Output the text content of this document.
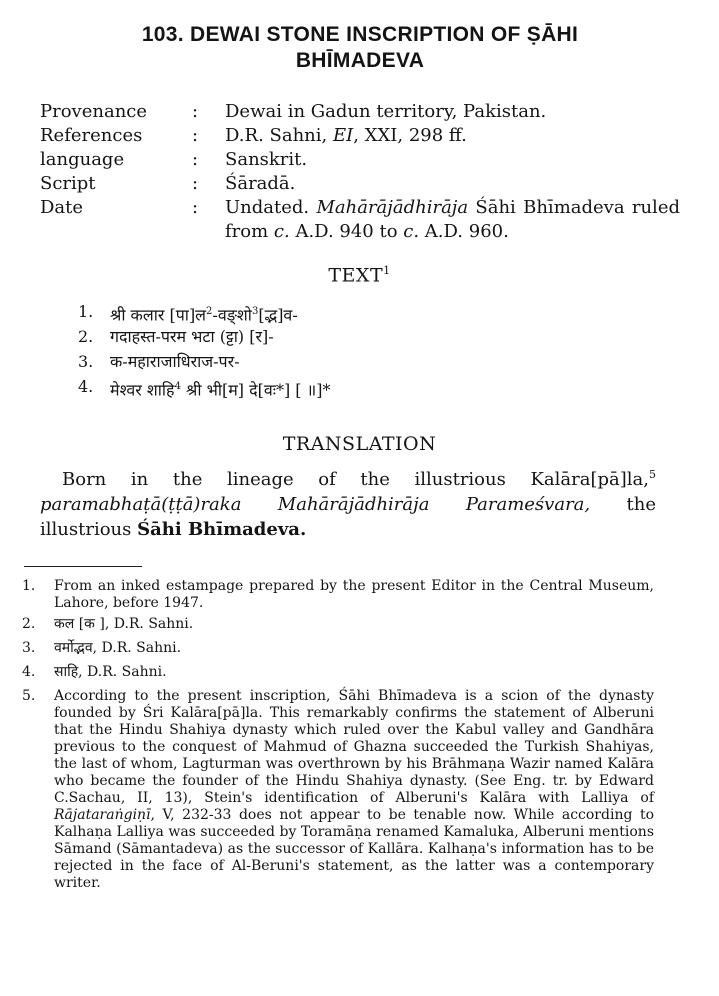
103. DEWAI STONE INSCRIPTION OF ṢĀHI
BHĪMADEVA
Provenance : Dewai in Gadun territory, Pakistan.
References	: D.R. Sahni, EI, XXI, 298 ff.
language	: Sanskrit.
Script	: Śāradā.
Date	: Undated. Mahārājādhirāja Śāhi Bhīmadeva ruled from c. A.D. 940 to c. A.D. 960.
TEXT$^1$
1. श्री कलार [पा]ल$^2$-वङ्शो$^3$[द्भ]व-
2. गदाहस्त-परम भटा (ट्टा) [र]-
3. क-महाराजाधिराज-पर-
4. मेश्वर शाहि$^4$ श्री भी[म] दे[वः*] [ ॥]*
TRANSLATION
Born in the lineage of the illustrious Kalāra[pā]la,$^5$ paramabhaṭā(ṭṭā)raka Mahārājādhirāja Parameśvara, the illustrious Śāhi Bhīmadeva.
1. From an inked estampage prepared by the present Editor in the Central Museum, Lahore, before 1947.
2. कल [क ], D.R. Sahni.
3. वर्मोद्भव, D.R. Sahni.
4. साहि, D.R. Sahni.
5. According to the present inscription, Śāhi Bhīmadeva is a scion of the dynasty founded by Śri Kalāra[pā]la. This remarkably confirms the statement of Alberuni that the Hindu Shahiya dynasty which ruled over the Kabul valley and Gandhāra previous to the conquest of Mahmud of Ghazna succeeded the Turkish Shahiyas, the last of whom, Lagturman was overthrown by his Brāhmaṇa Wazir named Kalāra who became the founder of the Hindu Shahiya dynasty. (See Eng. tr. by Edward C.Sachau, II, 13), Stein's identification of Alberuni's Kalāra with Lalliya of Rājataraṅgiṇī, V, 232-33 does not appear to be tenable now. While according to Kalhaṇa Lalliya was succeeded by Toramāṇa renamed Kamaluka, Alberuni mentions Sāmand (Sāmantadeva) as the successor of Kallāra. Kalhaṇa's information has to be rejected in the face of Al-Beruni's statement, as the latter was a contemporary writer.
